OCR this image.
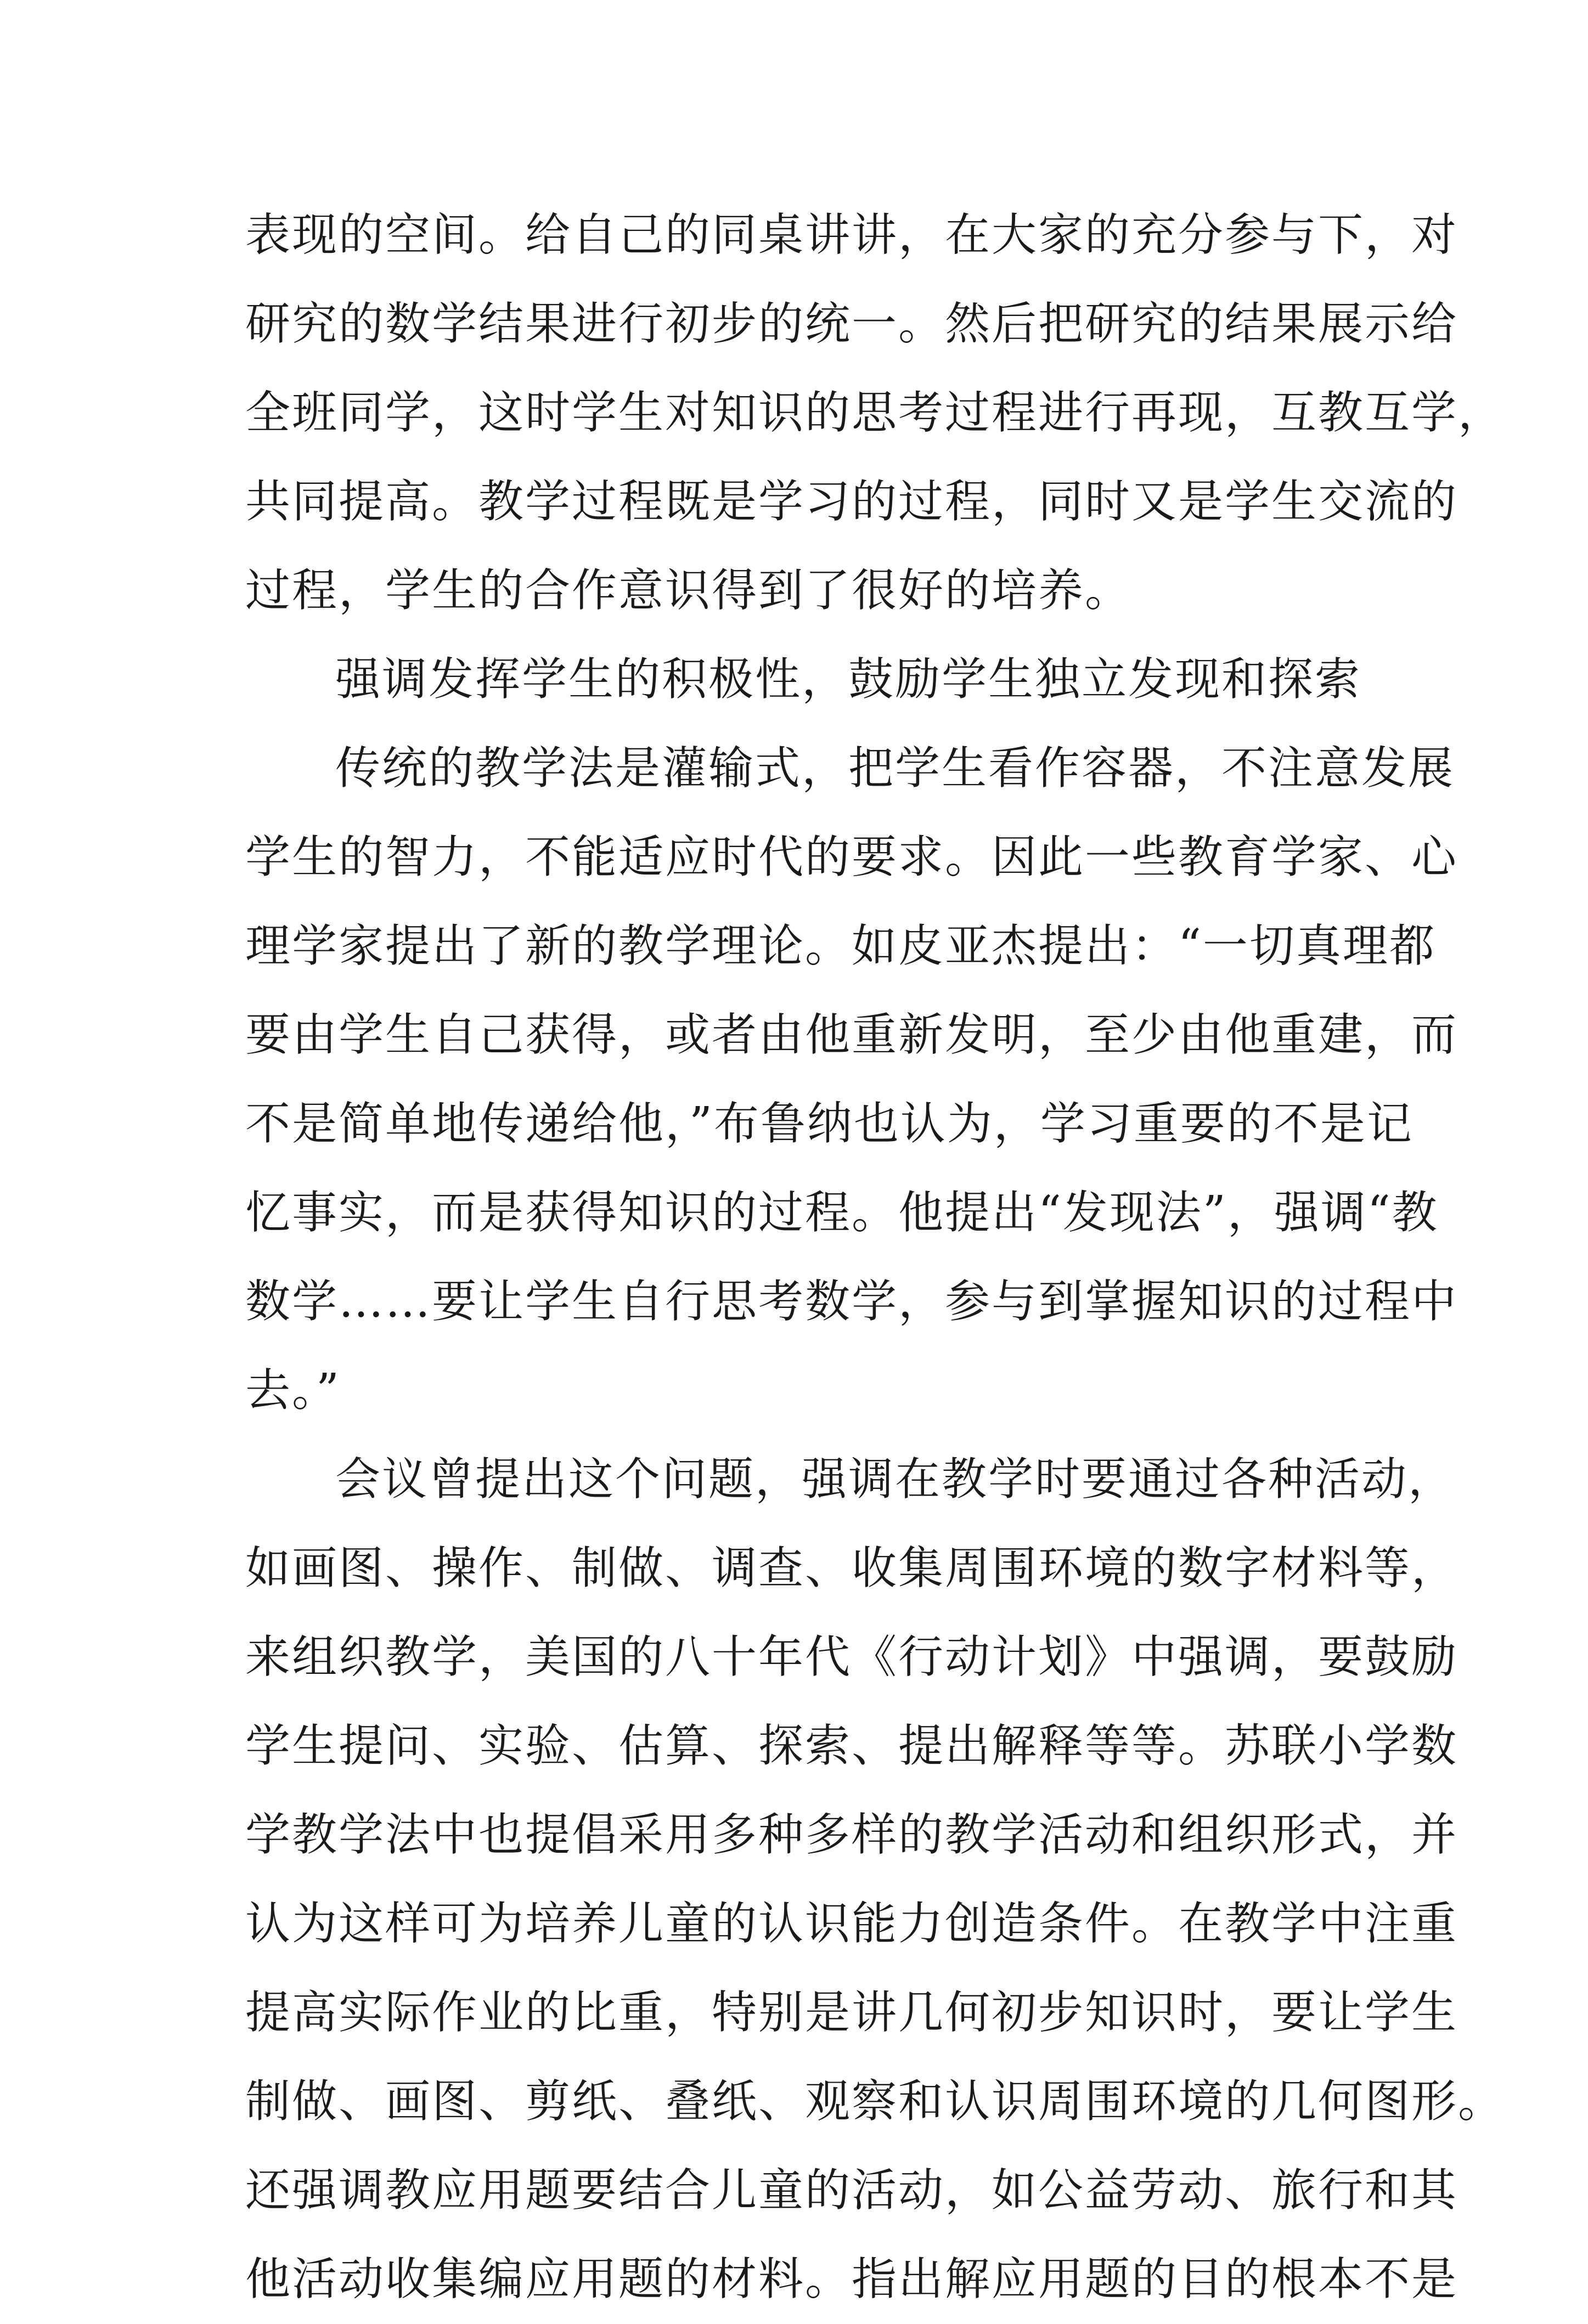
表现的空间。给自己的同桌讲讲，在大家的充分参与下，对
研究的数学结果进行初步的统一。然后把研究的结果展示给
全班同学，这时学生对知识的思考过程进行再现，互教互学，
共同提高。教学过程既是学习的过程，同时又是学生交流的
过程，学生的合作意识得到了很好的培养。
强调发挥学生的积极性，鼓励学生独立发现和探索
传统的教学法是灌输式，把学生看作容器，不注意发展
学生的智力，不能适应时代的要求。因此一些教育学家、心
理学家提出了新的教学理论。如皮亚杰提出：“一切真理都
要由学生自己获得，或者由他重新发明，至少由他重建，而
不是简单地传递给他，”布鲁纳也认为，学习重要的不是记
忆事实，而是获得知识的过程。他提出“发现法”，强调“教
数学……要让学生自行思考数学，参与到掌握知识的过程中
去。”
会议曾提出这个问题，强调在教学时要通过各种活动，
如画图、操作、制做、调查、收集周围环境的数字材料等，
来组织教学，美国的八十年代《行动计划》中强调，要鼓励
学生提问、实验、估算、探索、提出解释等等。苏联小学数
学教学法中也提倡采用多种多样的教学活动和组织形式，并
认为这样可为培养儿童的认识能力创造条件。在教学中注重
提高实际作业的比重，特别是讲几何初步知识时，要让学生
制做、画图、剪纸、叠纸、观察和认识周围环境的几何图形。
还强调教应用题要结合儿童的活动，如公益劳动、旅行和其
他活动收集编应用题的材料。指出解应用题的目的根本不是
